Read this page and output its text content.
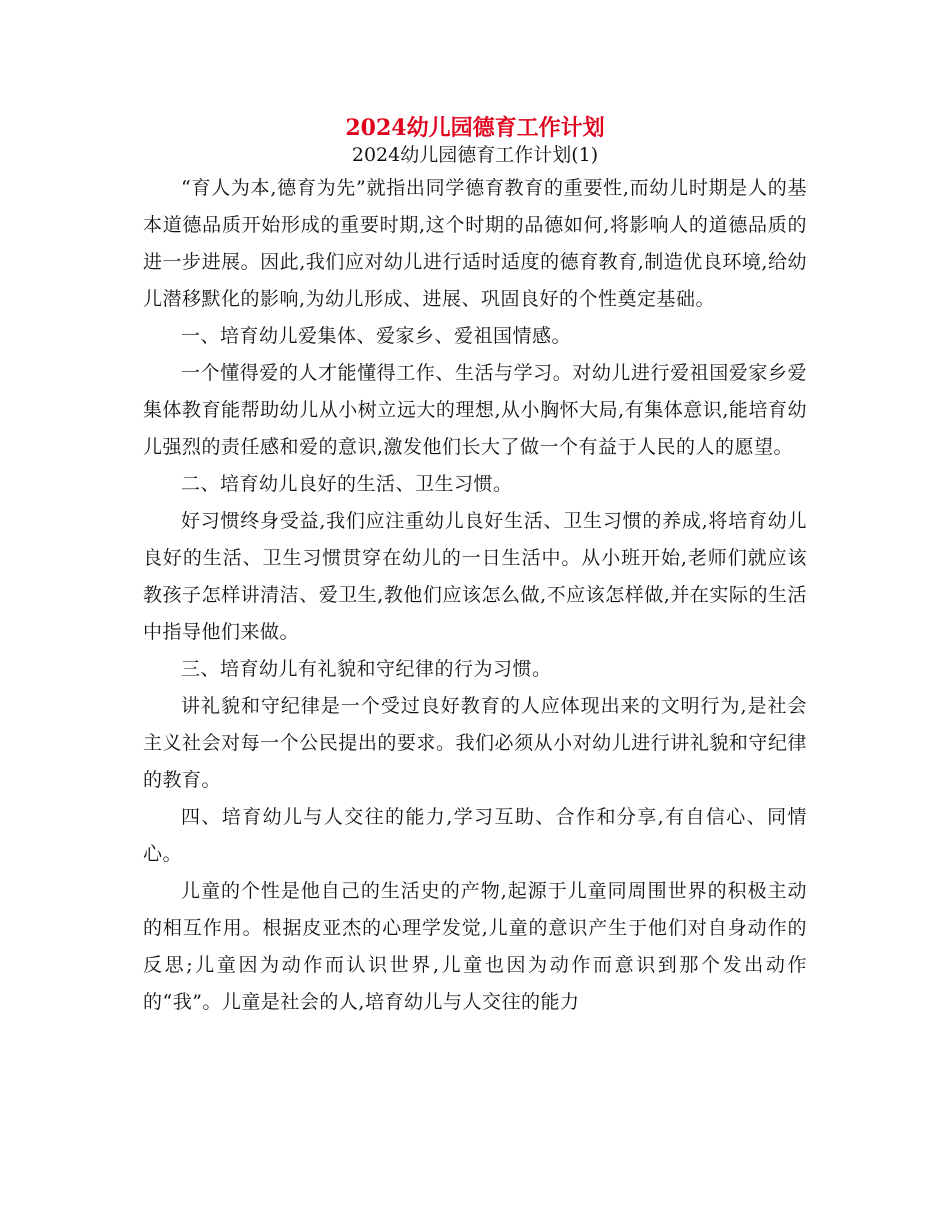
2024幼儿园德育工作计划
2024幼儿园德育工作计划(1)

“育人为本,德育为先”就指出同学德育教育的重要性,而幼儿时期是人的基本道德品质开始形成的重要时期,这个时期的品德如何,将影响人的道德品质的进一步进展。因此,我们应对幼儿进行适时适度的德育教育,制造优良环境,给幼儿潜移默化的影响,为幼儿形成、进展、巩固良好的个性奠定基础。

一、培育幼儿爱集体、爱家乡、爱祖国情感。

一个懂得爱的人才能懂得工作、生活与学习。对幼儿进行爱祖国爱家乡爱集体教育能帮助幼儿从小树立远大的理想,从小胸怀大局,有集体意识,能培育幼儿强烈的责任感和爱的意识,激发他们长大了做一个有益于人民的人的愿望。

二、培育幼儿良好的生活、卫生习惯。

好习惯终身受益,我们应注重幼儿良好生活、卫生习惯的养成,将培育幼儿良好的生活、卫生习惯贯穿在幼儿的一日生活中。从小班开始,老师们就应该教孩子怎样讲清洁、爱卫生,教他们应该怎么做,不应该怎样做,并在实际的生活中指导他们来做。

三、培育幼儿有礼貌和守纪律的行为习惯。

讲礼貌和守纪律是一个受过良好教育的人应体现出来的文明行为,是社会主义社会对每一个公民提出的要求。我们必须从小对幼儿进行讲礼貌和守纪律的教育。

四、培育幼儿与人交往的能力,学习互助、合作和分享,有自信心、同情心。

儿童的个性是他自己的生活史的产物,起源于儿童同周围世界的积极主动的相互作用。根据皮亚杰的心理学发觉,儿童的意识产生于他们对自身动作的反思;儿童因为动作而认识世界,儿童也因为动作而意识到那个发出动作的“我”。儿童是社会的人,培育幼儿与人交往的能力
